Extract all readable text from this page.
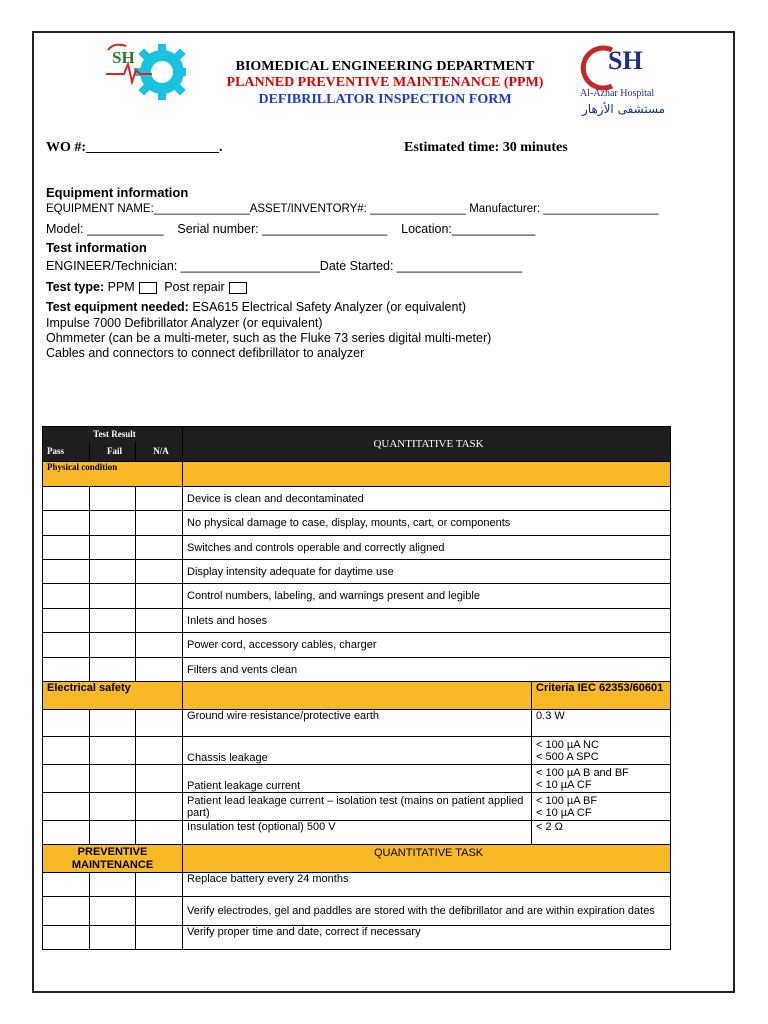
SH	BIOMEDICAL ENGINEERING DEPARTMENT
PLANNED PREVENTIVE MAINTENANCE (PPM)
DEFIBRILLATOR INSPECTION FORM
SH
Al-Azhar Hospital
مستشفى الأزهار
WO #:___________________.	Estimated time: 30 minutes
Equipment information
EQUIPMENT NAME:_______________ASSET/INVENTORY#: _______________ Manufacturer: __________________
Model: ___________    Serial number: __________________    Location:____________
Test information
ENGINEER/Technician: ____________________Date Started: __________________
Test type: PPM Post repair
Test equipment needed: ESA615 Electrical Safety Analyzer (or equivalent)
Impulse 7000 Defibrillator Analyzer (or equivalent)
Ohmmeter (can be a multi-meter, such as the Fluke 73 series digital multi-meter)
Cables and connectors to connect defibrillator to analyzer
Test Result			QUANTITATIVE TASK	
Pass	Fail	N/A		
Physical condition				
			Device is clean and decontaminated	
			No physical damage to case, display, mounts, cart, or components	
			Switches and controls operable and correctly aligned	
			Display intensity adequate for daytime use	
			Control numbers, labeling, and warnings present and legible	
			Inlets and hoses	
			Power cord, accessory cables, charger	
			Filters and vents clean	
Electrical safety				Criteria IEC 62353/60601
			Ground wire resistance/protective earth	0.3 W
			Chassis leakage	< 100 µA NC
< 500 A SPC
			Patient leakage current	< 100 µA B and BF
< 10 µA CF
			Patient lead leakage current – isolation test (mains on patient applied part)	< 100 µA BF
< 10 µA CF
			Insulation test (optional) 500 V	< 2 Ω
PREVENTIVE MAINTENANCE			QUANTITATIVE TASK	
			Replace battery every 24 months	
			Verify electrodes, gel and paddles are stored with the defibrillator and are within expiration dates	
			Verify proper time and date, correct if necessary	
